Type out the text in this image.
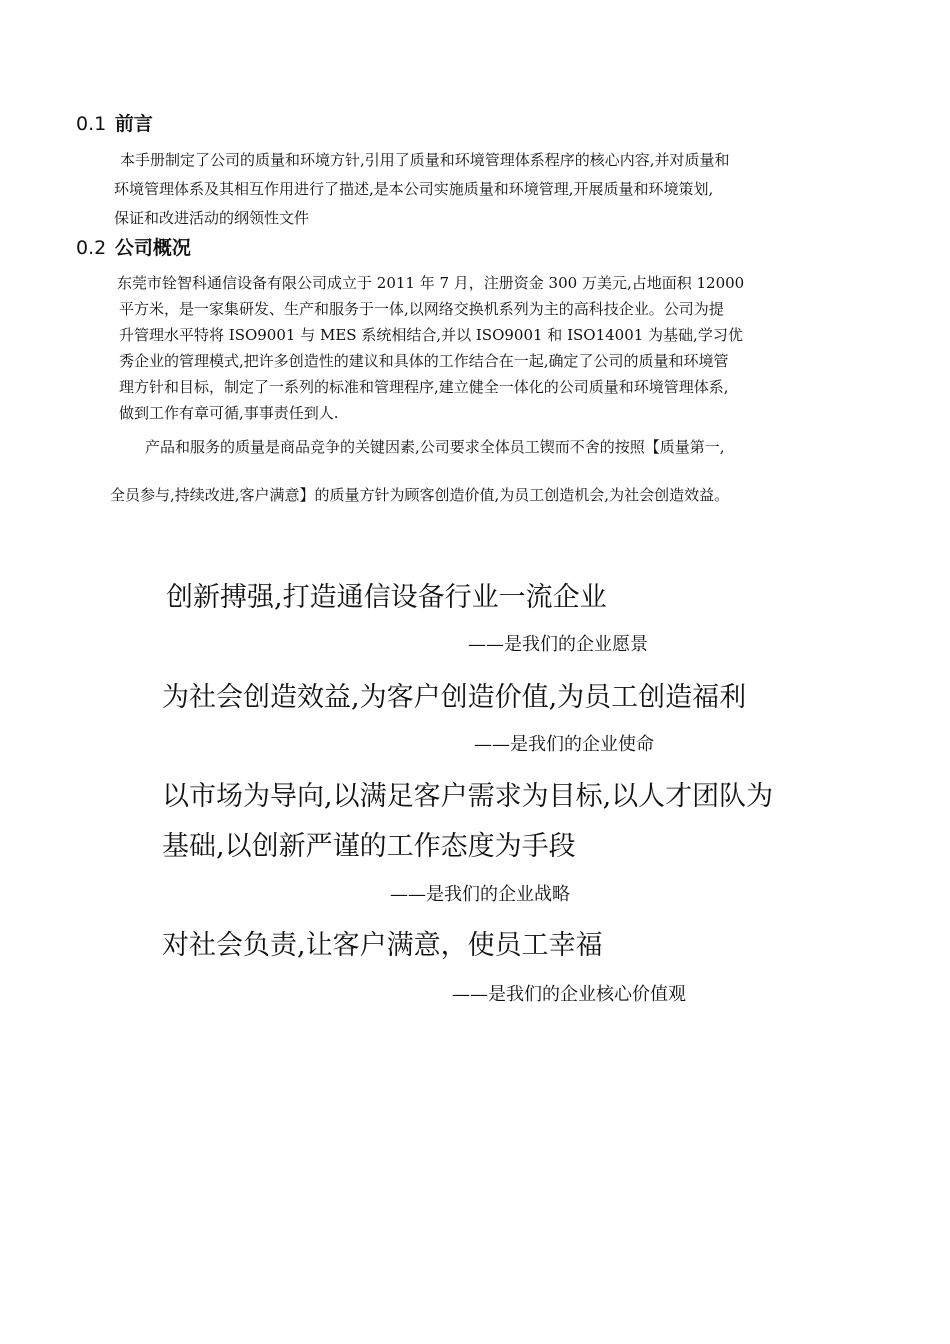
0.1 前言
本手册制定了公司的质量和环境方针,引用了质量和环境管理体系程序的核心内容,并对质量和
环境管理体系及其相互作用进行了描述,是本公司实施质量和环境管理,开展质量和环境策划,
保证和改进活动的纲领性文件
0.2 公司概况
东莞市铨智科通信设备有限公司成立于 2011 年 7 月，注册资金 300 万美元,占地面积 12000
平方米，是一家集研发、生产和服务于一体,以网络交换机系列为主的高科技企业。公司为提
升管理水平特将 ISO9001 与 MES 系统相结合,并以 ISO9001 和 ISO14001 为基础,学习优
秀企业的管理模式,把许多创造性的建议和具体的工作结合在一起,确定了公司的质量和环境管
理方针和目标，制定了一系列的标准和管理程序,建立健全一体化的公司质量和环境管理体系,
做到工作有章可循,事事责任到人.
产品和服务的质量是商品竞争的关键因素,公司要求全体员工锲而不舍的按照【质量第一,
全员参与,持续改进,客户满意】的质量方针为顾客创造价值,为员工创造机会,为社会创造效益。
创新搏强,打造通信设备行业一流企业
——是我们的企业愿景
为社会创造效益,为客户创造价值,为员工创造福利
——是我们的企业使命
以市场为导向,以满足客户需求为目标,以人才团队为
基础,以创新严谨的工作态度为手段
——是我们的企业战略
对社会负责,让客户满意，使员工幸福
——是我们的企业核心价值观
